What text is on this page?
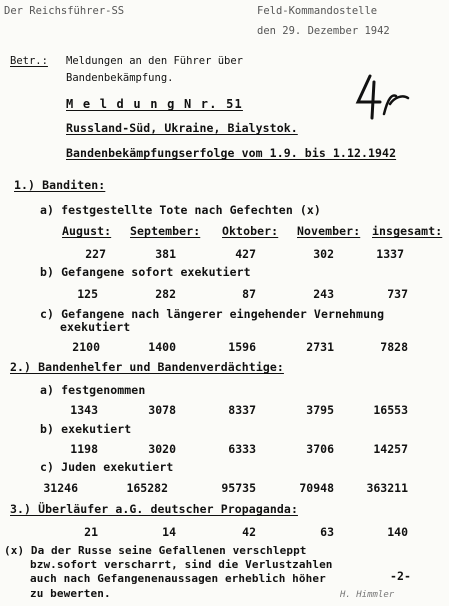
Der Reichsführer-SS	Feld-Kommandostelle
den 29. Dezember 1942
Betr.: Meldungen an den Führer über
Bandenbekämpfung.
M e l d u n g N r. 51
Russland-Süd, Ukraine, Bialystok.
Bandenbekämpfungserfolge vom 1.9. bis 1.12.1942
1.) Banditen:
a) festgestellte Tote nach Gefechten (x)
August: September: Oktober: November: insgesamt:
227	381	427	302	1337
b) Gefangene sofort exekutiert
125	282	87	243	737
c) Gefangene nach längerer eingehender Vernehmung
exekutiert
2100	1400	1596	2731	7828
2.) Bandenhelfer und Bandenverdächtige:
a) festgenommen
1343	3078	8337	3795	16553
b) exekutiert
1198	3020	6333	3706	14257
c) Juden exekutiert
31246	165282	95735	70948	363211
3.) Überläufer a.G. deutscher Propaganda:
21	14	42	63	140
(x) Da der Russe seine Gefallenen verschleppt
bzw.sofort verscharrt, sind die Verlustzahlen
auch nach Gefangenenaussagen erheblich höher
zu bewerten.
-2-
H. Himmler
